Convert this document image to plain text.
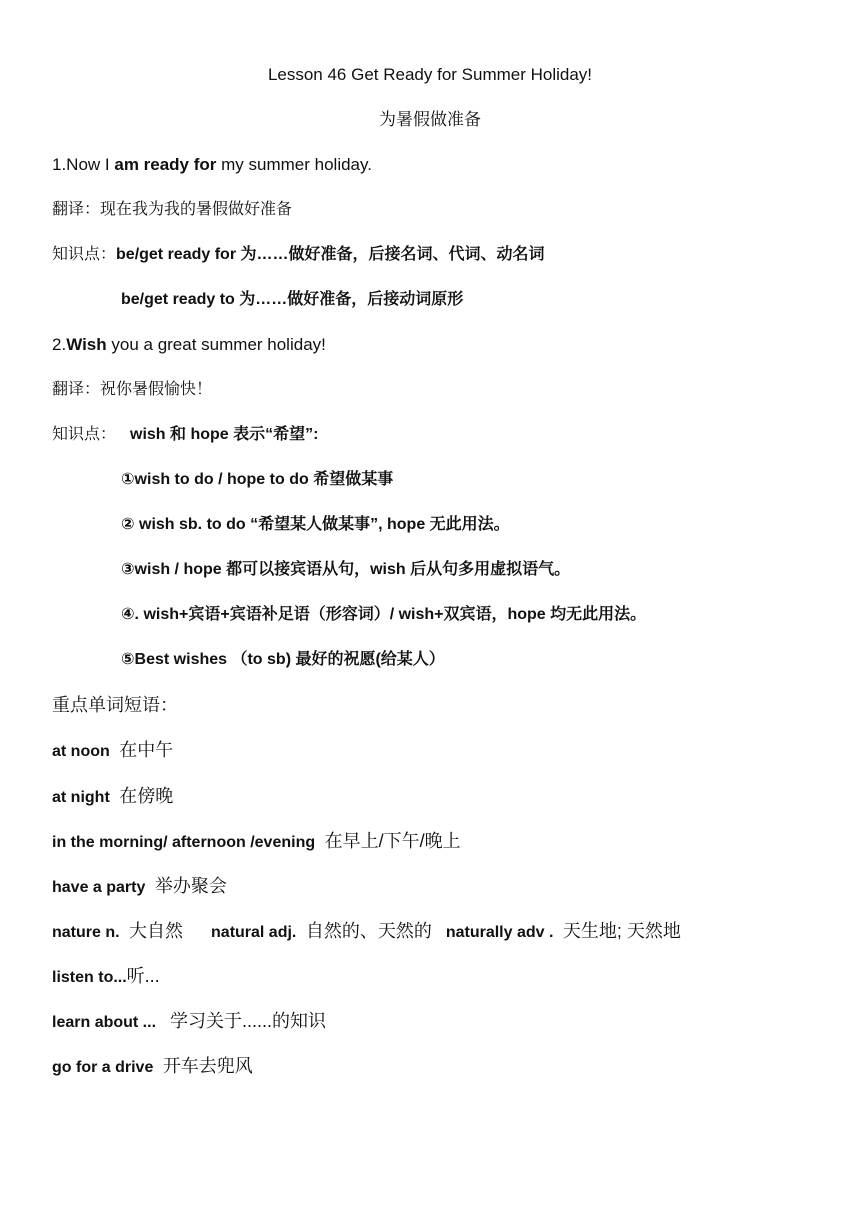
Lesson 46 Get Ready for Summer Holiday!
为暑假做准备
1.Now I am ready for my summer holiday.
翻译：现在我为我的暑假做好准备
知识点：be/get ready for 为……做好准备，后接名词、代词、动名词
be/get ready to 为……做好准备，后接动词原形
2.Wish you a great summer holiday!
翻译：祝你暑假愉快！
知识点： wish 和 hope 表示“希望”:
①wish to do / hope to do 希望做某事
② wish sb. to do “希望某人做某事”, hope 无此用法。
③wish / hope 都可以接宾语从句，wish 后从句多用虚拟语气。
④. wish+宾语+宾语补足语（形容词）/ wish+双宾语，hope 均无此用法。
⑤Best wishes （to sb) 最好的祝愿(给某人）
重点单词短语：
at noon 在中午
at night 在傍晚
in the morning/ afternoon /evening 在早上/下午/晚上
have a party 举办聚会
nature n. 大自然 natural adj. 自然的、天然的 naturally adv . 天生地; 天然地
listen to...听...
learn about ... 学习关于......的知识
go for a drive 开车去兜风
